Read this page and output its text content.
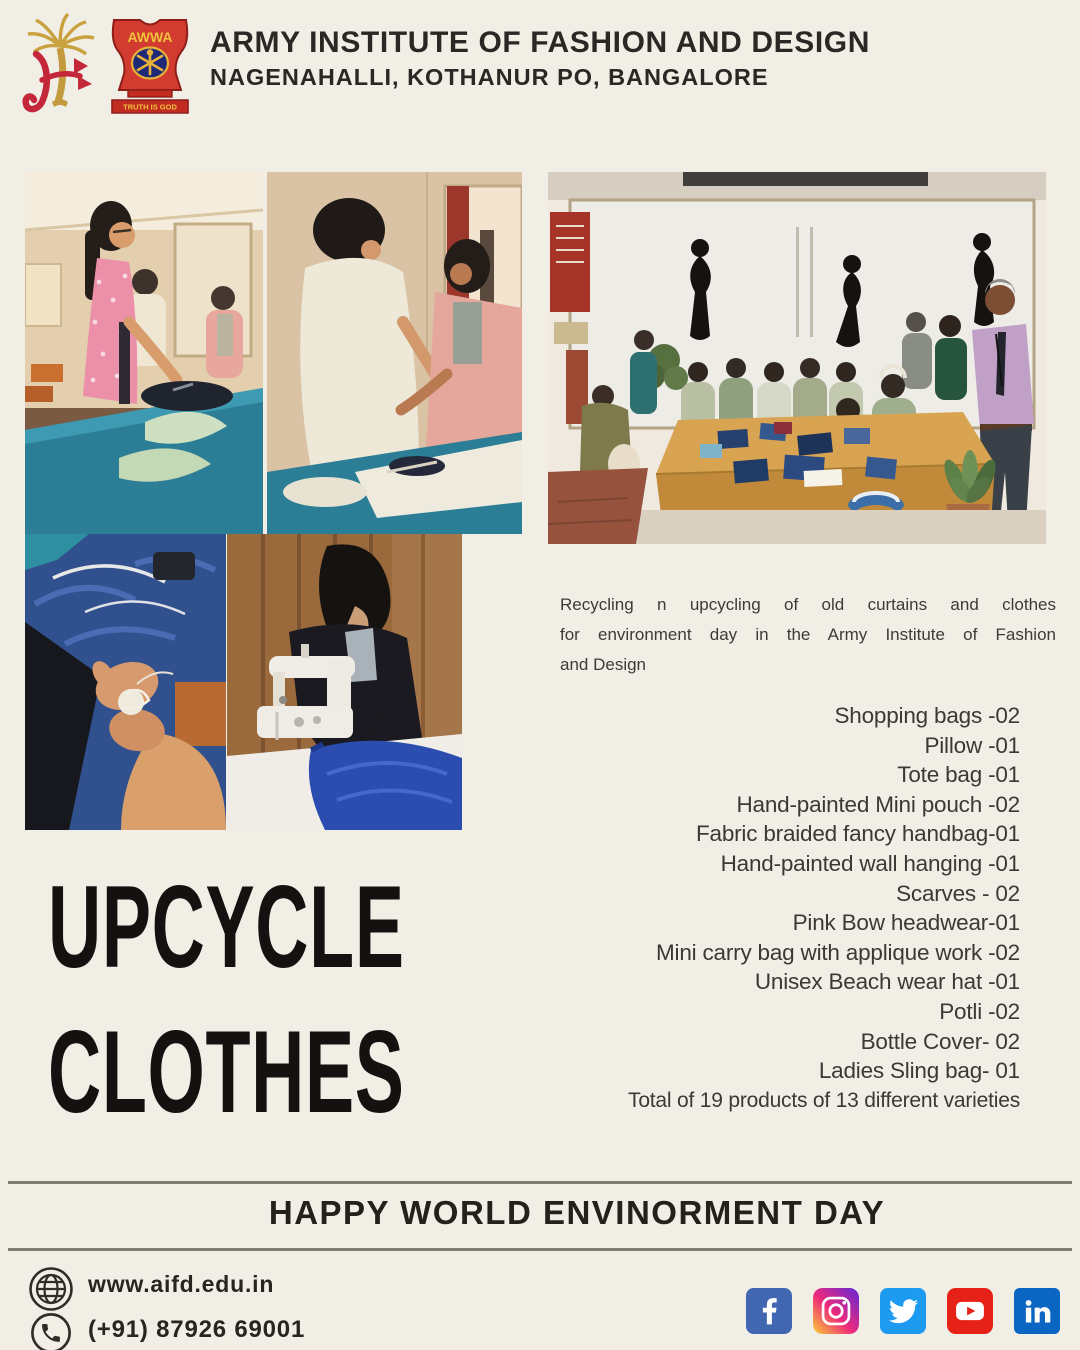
AWWA
TRUTH IS GOD
ARMY INSTITUTE OF FASHION AND DESIGN
NAGENAHALLI, KOTHANUR PO, BANGALORE
Recycling n upcycling of old curtains and clothes
for environment day in the Army Institute of Fashion
and Design
Shopping bags -02
Pillow -01
Tote bag -01
Hand-painted Mini pouch -02
Fabric braided fancy handbag-01
Hand-painted wall hanging -01
Scarves - 02
Pink Bow headwear-01
Mini carry bag with applique work -02
Unisex Beach wear hat -01
Potli -02
Bottle Cover- 02
Ladies Sling bag- 01
Total of 19 products of 13 different varieties
UPCYCLE
CLOTHES
HAPPY WORLD ENVINORMENT DAY
www.aifd.edu.in
(+91) 87926 69001
